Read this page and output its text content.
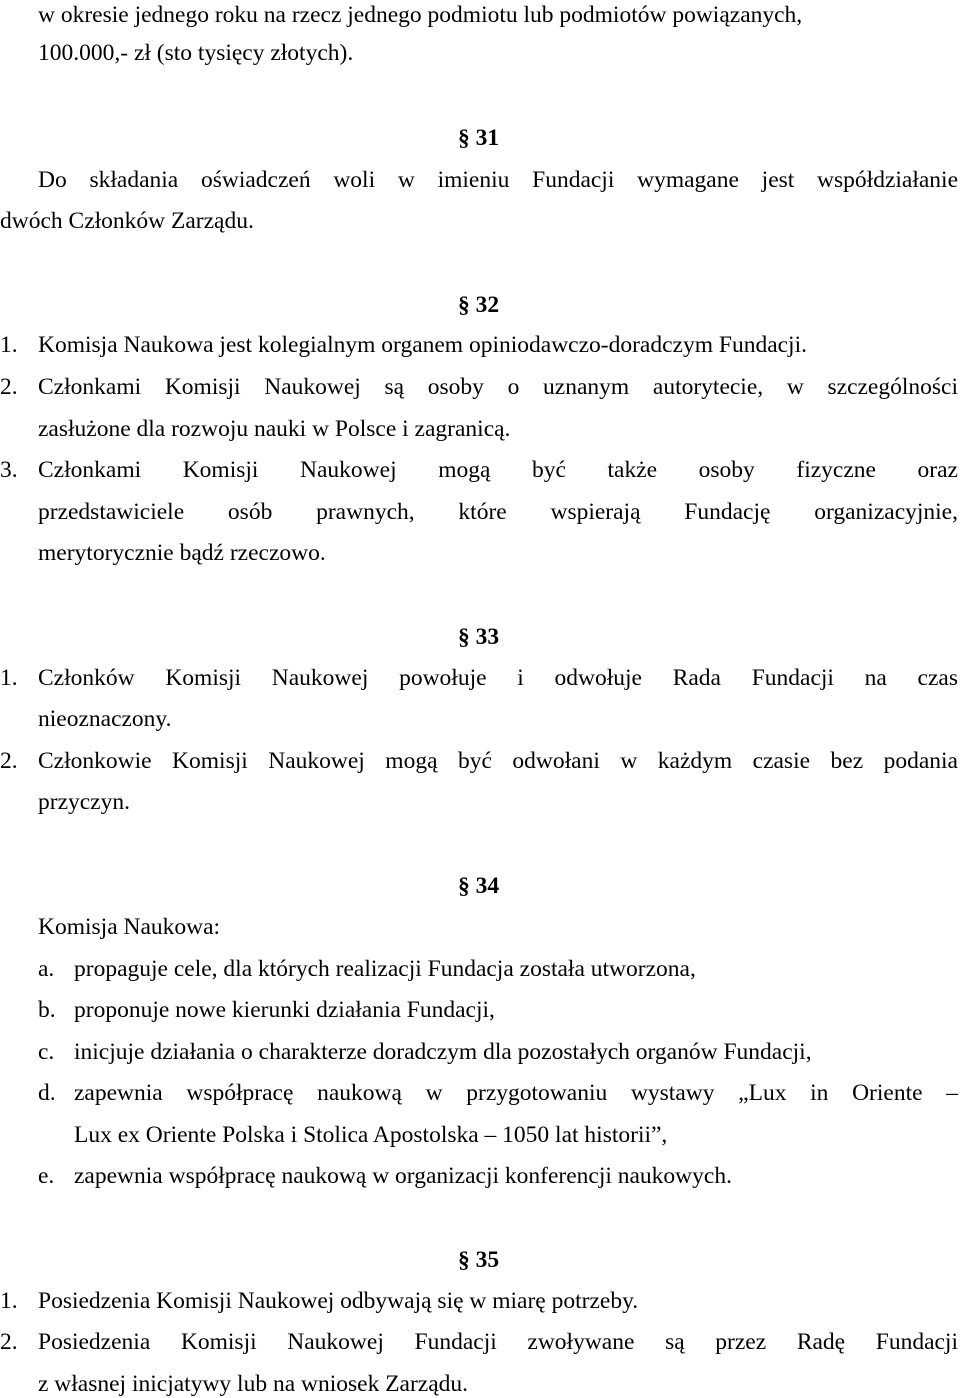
w okresie jednego roku na rzecz jednego podmiotu lub podmiotów powiązanych,
100.000,- zł (sto tysięcy złotych).
§ 31
Do składania oświadczeń woli w imieniu Fundacji wymagane jest współdziałanie
dwóch Członków Zarządu.
§ 32
1. Komisja Naukowa jest kolegialnym organem opiniodawczo-doradczym Fundacji.
2. Członkami Komisji Naukowej są osoby o uznanym autorytecie, w szczególności
zasłużone dla rozwoju nauki w Polsce i zagranicą.
3. Członkami Komisji Naukowej mogą być także osoby fizyczne oraz
przedstawiciele osób prawnych, które wspierają Fundację organizacyjnie,
merytorycznie bądź rzeczowo.
§ 33
1. Członków Komisji Naukowej powołuje i odwołuje Rada Fundacji na czas
nieoznaczony.
2. Członkowie Komisji Naukowej mogą być odwołani w każdym czasie bez podania
przyczyn.
§ 34
Komisja Naukowa:
a. propaguje cele, dla których realizacji Fundacja została utworzona,
b. proponuje nowe kierunki działania Fundacji,
c. inicjuje działania o charakterze doradczym dla pozostałych organów Fundacji,
d. zapewnia współpracę naukową w przygotowaniu wystawy „Lux in Oriente –
Lux ex Oriente Polska i Stolica Apostolska – 1050 lat historii”,
e. zapewnia współpracę naukową w organizacji konferencji naukowych.
§ 35
1. Posiedzenia Komisji Naukowej odbywają się w miarę potrzeby.
2. Posiedzenia Komisji Naukowej Fundacji zwoływane są przez Radę Fundacji
z własnej inicjatywy lub na wniosek Zarządu.
